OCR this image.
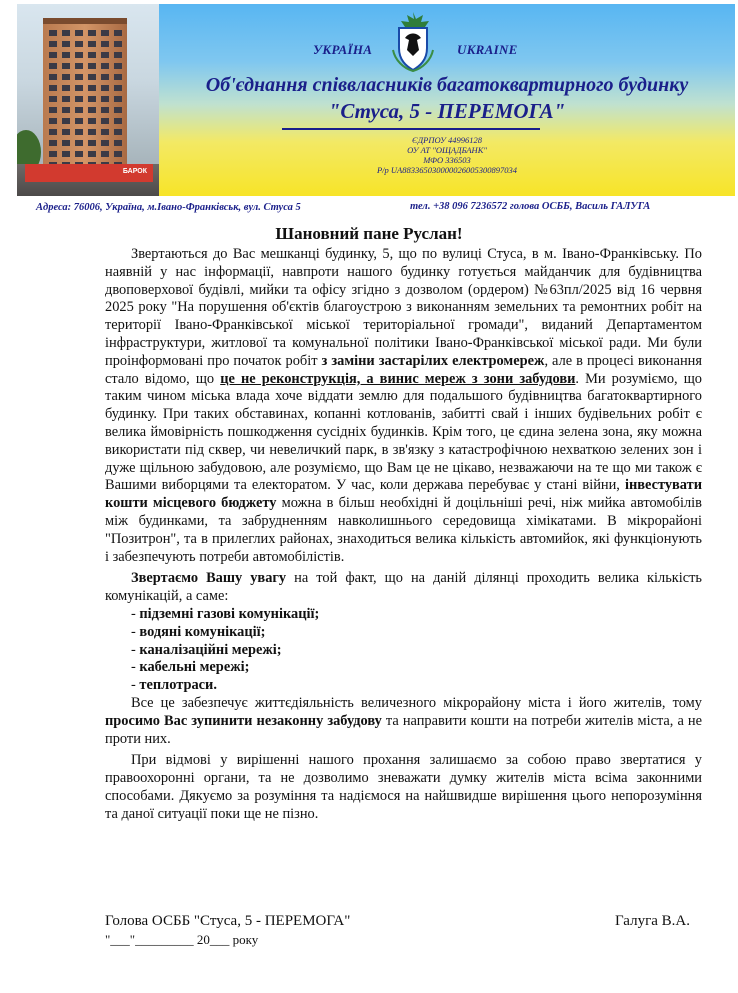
БАРОК
УКРАЇНА	UKRAINE
Об'єднання співвласників багатоквартирного будинку
"Стуса, 5 - ПЕРЕМОГА"
ЄДРПОУ 44996128
ОУ АТ "ОЩАДБАНК"
МФО 336503
Р/р UA883365030000026005300897034
Адреса: 76006, Україна, м.Івано-Франківськ, вул. Стуса 5	тел. +38 096 7236572 голова ОСББ, Василь ГАЛУГА
Шановний пане Руслан!

Звертаються до Вас мешканці будинку, 5, що по вулиці Стуса, в м. Івано-Франківську. По наявній у нас інформації, навпроти нашого будинку готується майданчик для будівництва двоповерхової будівлі, мийки та офісу згідно з дозволом (ордером) №63пл/2025 від 16 червня 2025 року "На порушення об'єктів благоустрою з виконанням земельних та ремонтних робіт на території Івано-Франківської міської територіальної громади", виданий Департаментом інфраструктури, житлової та комунальної політики Івано-Франківської міської ради. Ми були проінформовані про початок робіт з заміни застарілих електромереж, але в процесі виконання стало відомо, що це не реконструкція, а винис мереж з зони забудови. Ми розуміємо, що таким чином міська влада хоче віддати землю для подальшого будівництва багатоквартирного будинку. При таких обставинах, копанні котлованів, забитті свай і інших будівельних робіт є велика ймовірність пошкодження сусідніх будинків. Крім того, це єдина зелена зона, яку можна використати під сквер, чи невеличкий парк, в зв'язку з катастрофічною нехваткою зелених зон і дуже щільною забудовою, але розуміємо, що Вам це не цікаво, незважаючи на те що ми також є Вашими виборцями та електоратом. У час, коли держава перебуває у стані війни, інвестувати кошти місцевого бюджету можна в більш необхідні й доцільніші речі, ніж мийка автомобілів між будинками, та забрудненням навколишнього середовища хімікатами. В мікрорайоні "Позитрон", та в прилеглих районах, знаходиться велика кількість автомийок, які функціонують і забезпечують потреби автомобілістів.

Звертаємо Вашу увагу на той факт, що на даній ділянці проходить велика кількість комунікацій, а саме:

- підземні газові комунікації;
- водяні комунікації;
- каналізаційні мережі;
- кабельні мережі;
- теплотраси.

Все це забезпечує життєдіяльність величезного мікрорайону міста і його жителів, тому просимо Вас зупинити незаконну забудову та направити кошти на потреби жителів міста, а не проти них.

При відмові у вирішенні нашого прохання залишаємо за собою право звертатися у правоохоронні органи, та не дозволимо зневажати думку жителів міста всіма законними способами. Дякуємо за розуміння та надіємося на найшвидше вирішення цього непорозуміння та даної ситуації поки ще не пізно.

Голова ОСББ "Стуса, 5 - ПЕРЕМОГА"	Галуга В.А.
"___"_________ 20___ року
